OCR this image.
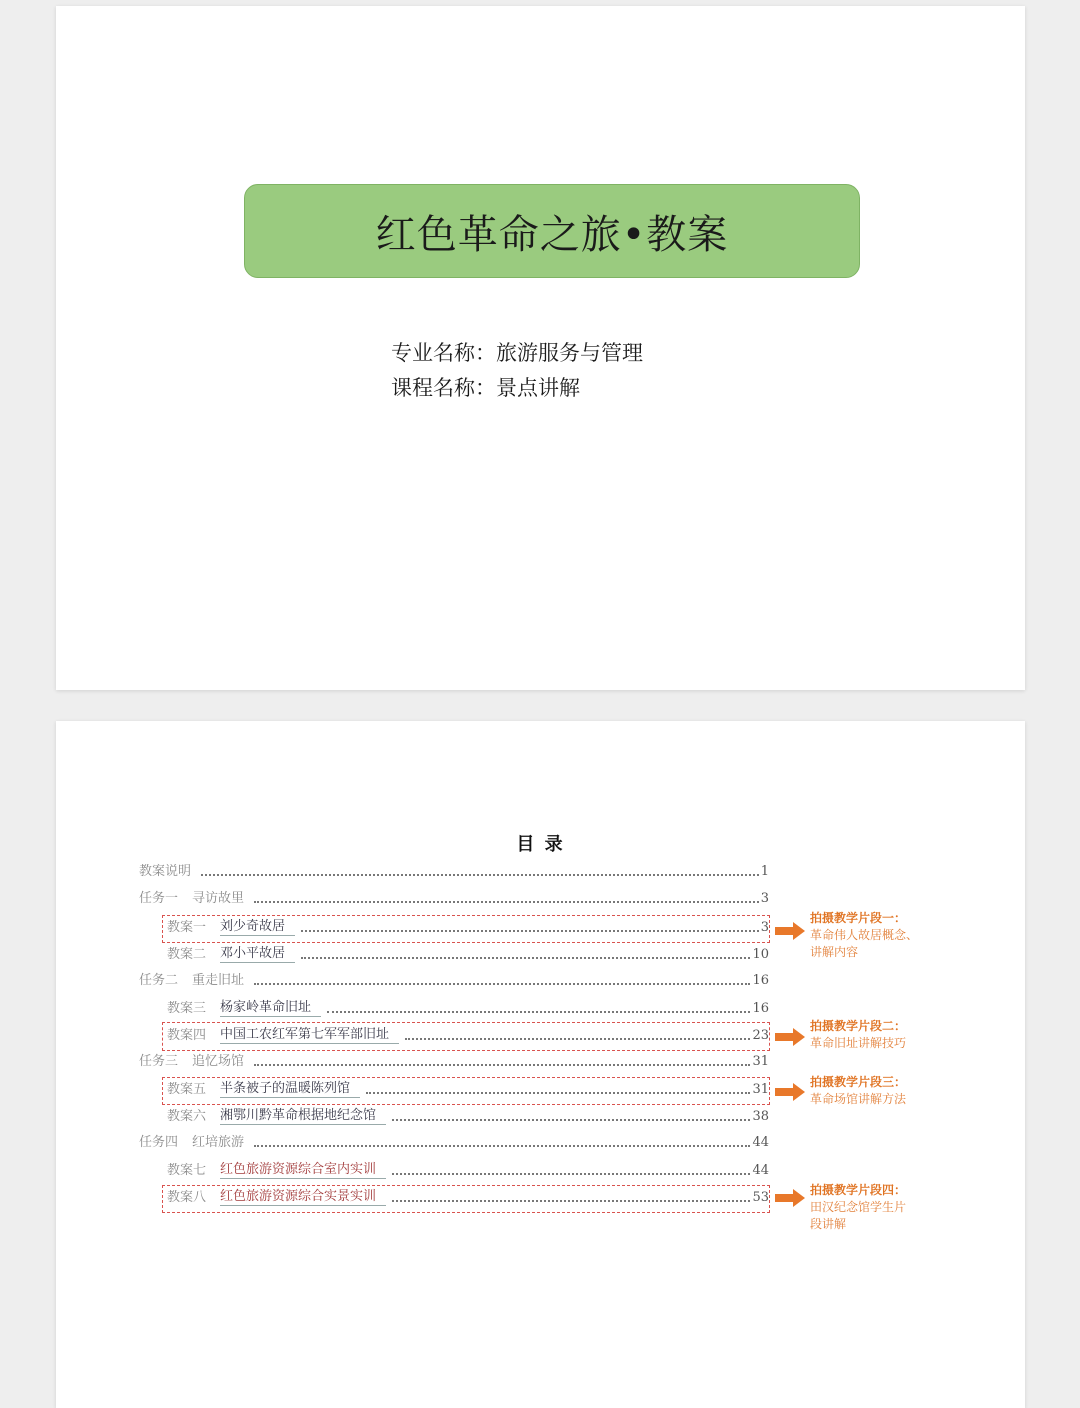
红色革命之旅•教案
专业名称：旅游服务与管理
课程名称：景点讲解
目 录
教案说明	1
任务一 寻访故里	3
教案一 刘少奇故居	3
教案二 邓小平故居	10
任务二 重走旧址	16
教案三 杨家岭革命旧址	16
教案四 中国工农红军第七军军部旧址	23
任务三 追忆场馆	31
教案五 半条被子的温暖陈列馆	31
教案六 湘鄂川黔革命根据地纪念馆	38
任务四 红培旅游	44
教案七 红色旅游资源综合室内实训	44
教案八 红色旅游资源综合实景实训	53
拍摄教学片段一：
革命伟人故居概念、
讲解内容
拍摄教学片段二：
革命旧址讲解技巧
拍摄教学片段三：
革命场馆讲解方法
拍摄教学片段四：
田汉纪念馆学生片
段讲解
